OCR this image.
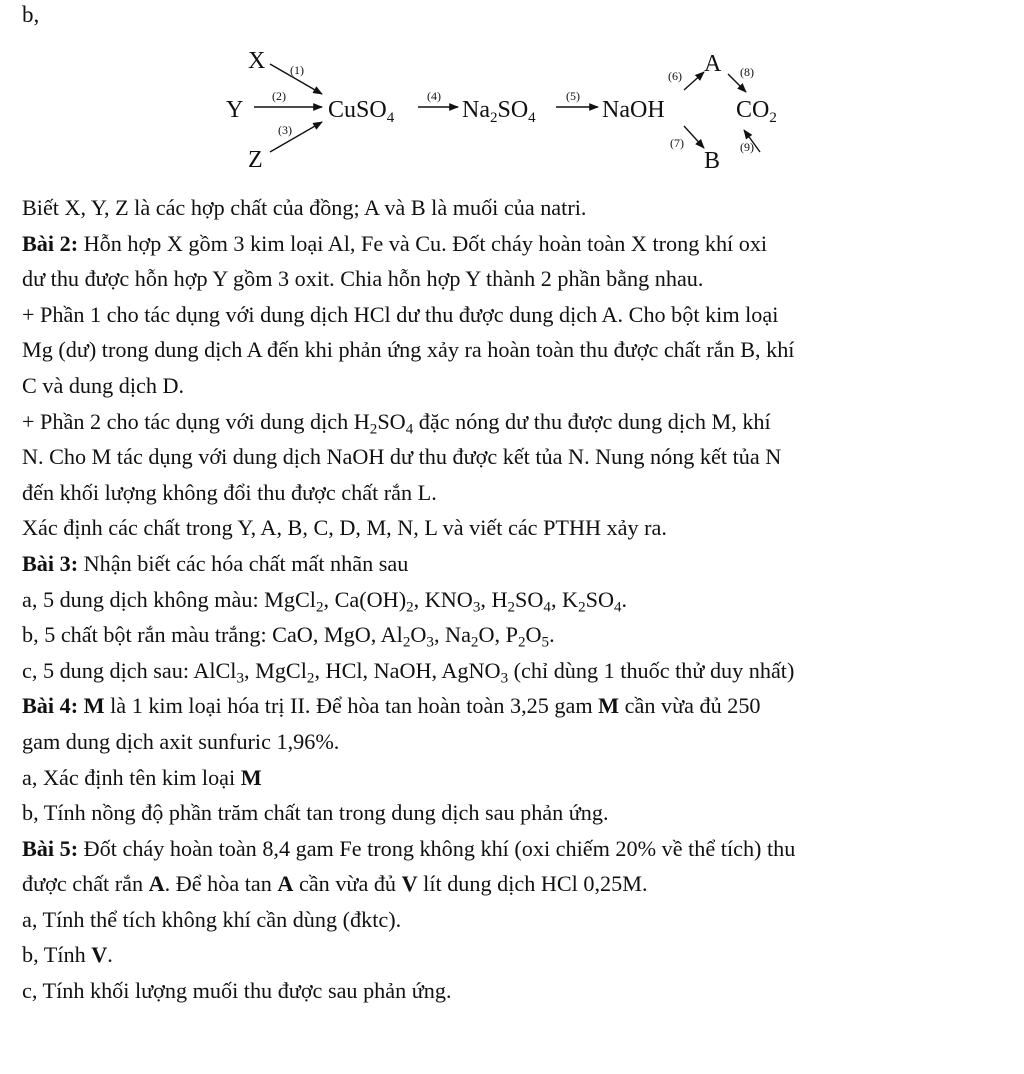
b,
X
Y
Z
(1)
(2)
(3)
CuSO$_4$
(4)
$Na_2SO_4$
(5)
NaOH
(6)
(7)
A
B
(8)
(9)
$CO_2$
Biết X, Y, Z là các hợp chất của đồng; A và B là muối của natri.
Bài 2: Hỗn hợp X gồm 3 kim loại Al, Fe và Cu. Đốt cháy hoàn toàn X trong khí oxi
dư thu được hỗn hợp Y gồm 3 oxit. Chia hỗn hợp Y thành 2 phần bằng nhau.
+ Phần 1 cho tác dụng với dung dịch HCl dư thu được dung dịch A. Cho bột kim loại
Mg (dư) trong dung dịch A đến khi phản ứng xảy ra hoàn toàn thu được chất rắn B, khí
C và dung dịch D.
+ Phần 2 cho tác dụng với dung dịch $H_2SO_4$ đặc nóng dư thu được dung dịch M, khí
N. Cho M tác dụng với dung dịch NaOH dư thu được kết tủa N. Nung nóng kết tủa N
đến khối lượng không đổi thu được chất rắn L.
Xác định các chất trong Y, A, B, C, D, M, N, L và viết các PTHH xảy ra.
Bài 3: Nhận biết các hóa chất mất nhãn sau
a, 5 dung dịch không màu: MgCl$_2$, $Ca(OH)_2$, $KNO_3$, $H_2SO_4$, $K_2SO_4$.
b, 5 chất bột rắn màu trắng: CaO, MgO, $Al_2O_3$, $Na_2O$, $P_2O_5$.
c, 5 dung dịch sau: AlCl$_3$, MgCl$_2$, HCl, NaOH, AgNO$_3$ (chỉ dùng 1 thuốc thử duy nhất)
Bài 4: M là 1 kim loại hóa trị II. Để hòa tan hoàn toàn 3,25 gam M cần vừa đủ 250
gam dung dịch axit sunfuric 1,96%.
a, Xác định tên kim loại M
b, Tính nồng độ phần trăm chất tan trong dung dịch sau phản ứng.
Bài 5: Đốt cháy hoàn toàn 8,4 gam Fe trong không khí (oxi chiếm 20% về thể tích) thu
được chất rắn A. Để hòa tan A cần vừa đủ V lít dung dịch HCl 0,25M.
a, Tính thể tích không khí cần dùng (đktc).
b, Tính V.
c, Tính khối lượng muối thu được sau phản ứng.
